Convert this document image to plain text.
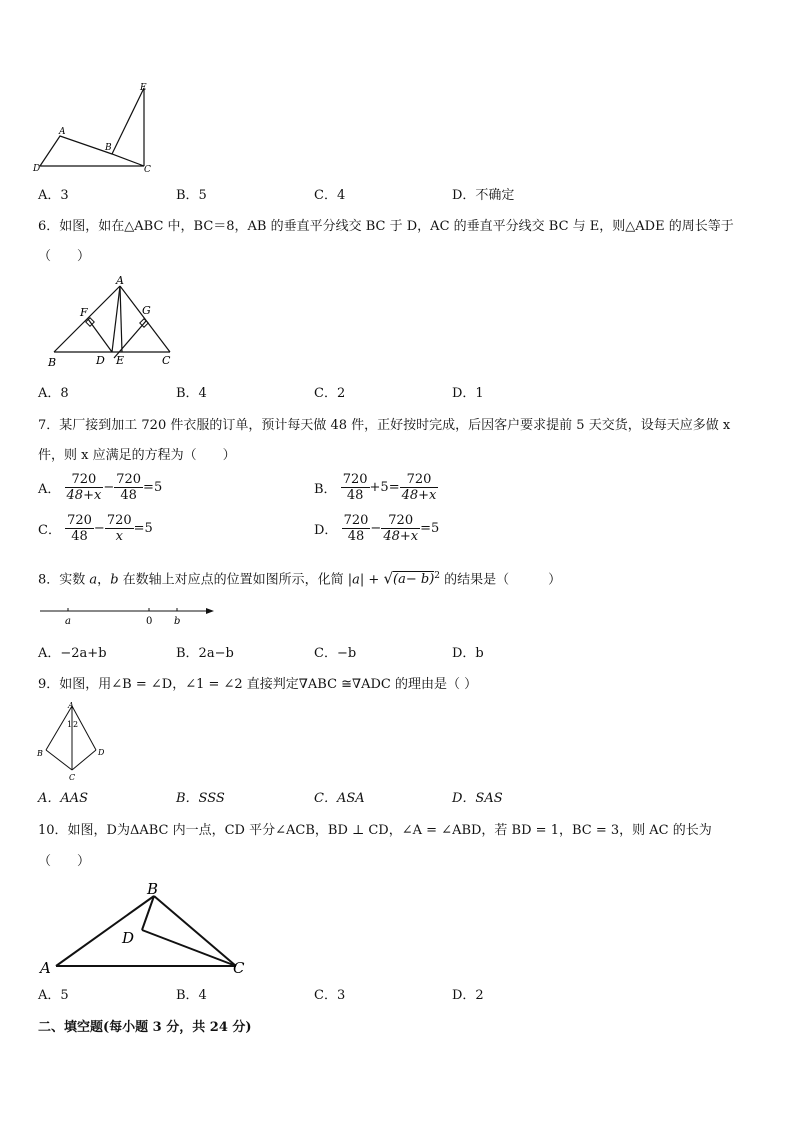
E
A
B
D	C
A．3	B．5	C．4	D．不确定
6．如图，如在△ABC 中，BC＝8，AB 的垂直平分线交 BC 于 D，AC 的垂直平分线交 BC 与 E，则△ADE 的周长等于
（　　）
A
F	G
B	D E	C
A．8	B．4	C．2	D．1
7．某厂接到加工 720 件衣服的订单，预计每天做 48 件，正好按时完成，后因客户要求提前 5 天交货，设每天应多做 x
件，则 x 应满足的方程为（　　）
A． $\frac{720}{48+x} - \frac{720}{48} =5$	B． $\frac{720}{48} +5= \frac{720}{48+x}$
C． $\frac{720}{48} - \frac{720}{x} =5$	D． $\frac{720}{48} - \frac{720}{48+x} =5$
8．实数 a，b 在数轴上对应点的位置如图所示，化简 $|a| + √(a- b)^2$ 的结果是（　　　）
a	0 b
A．−2a+b	B．2a−b	C．−b	D．b
9．如图，用∠B = ∠D，∠1 = ∠2 直接判定∇ABC ≅∇ADC 的理由是（ ）
A
1 2
B	D
C
A．AAS	B．SSS	C．ASA	D．SAS
10．如图，D为ΔABC 内一点，CD 平分∠ACB，BD ⊥ CD，∠A = ∠ABD，若 BD = 1，BC = 3，则 AC 的长为
（　　）
B
D
A	C
A．5	B．4	C．3	D．2
二、填空题(每小题 3 分，共 24 分)
